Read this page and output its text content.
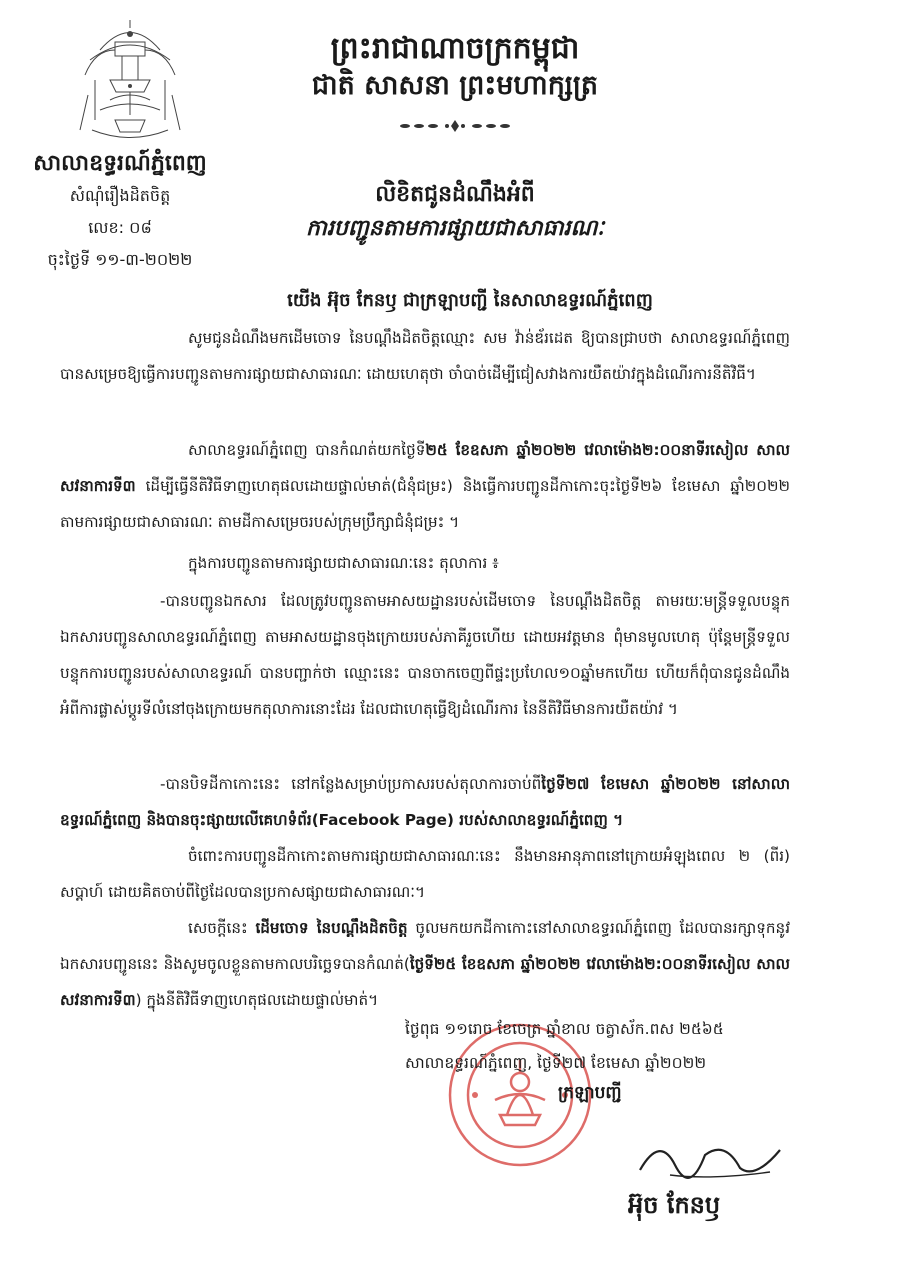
ព្រះរាជាណាចក្រកម្ពុជា
ជាតិ សាសនា ព្រះមហាក្សត្រ
សាលាឧទ្ធរណ៍ភ្នំពេញ
សំណុំរឿងដិតចិត្ត
លេខ: ០៨
ចុះថ្ងៃទី ១១-៣-២០២២
លិខិតជូនដំណឹងអំពី
ការបញ្ជូនតាមការផ្សាយជាសាធារណៈ
យើង អ៊ុច កែនឫ ជាក្រឡាបញ្ជី នៃសាលាឧទ្ធរណ៍ភ្នំពេញ
សូមជូនដំណឹងមកដើមចោទ នៃបណ្តឹងដិតចិត្តឈ្មោះ សម វ៉ាន់ឌ័រដេត ឱ្យបានជ្រាបថា សាលាឧទ្ធរណ៍ភ្នំពេញ បានសម្រេចឱ្យធ្វើការបញ្ជូនតាមការផ្សាយជាសាធារណៈ ដោយហេតុថា ចាំបាច់ដើម្បីជៀសវាងការយឺតយ៉ាវក្នុងដំណើរការនីតិវិធី។
សាលាឧទ្ធរណ៍ភ្នំពេញ បានកំណត់យកថ្ងៃទី២៥ ខែឧសភា ឆ្នាំ២០២២ វេលាម៉ោង២:០០នាទីរសៀល សាលសវនាការទី៣ ដើម្បីធ្វើនីតិវិធីទាញហេតុផលដោយផ្ទាល់មាត់(ជំនុំជម្រះ) និងធ្វើការបញ្ជូនដីកាកោះចុះថ្ងៃទី២៦ ខែមេសា ឆ្នាំ២០២២ តាមការផ្សាយជាសាធារណៈ តាមដីកាសម្រេចរបស់ក្រុមប្រឹក្សាជំនុំជម្រះ ។
ក្នុងការបញ្ជូនតាមការផ្សាយជាសាធារណៈនេះ តុលាការ ៖
-បានបញ្ជូនឯកសារ ដែលត្រូវបញ្ជូនតាមអាសយដ្ឋានរបស់ដើមចោទ នៃបណ្តឹងដិតចិត្ត តាមរយៈមន្ត្រីទទួលបន្ទុកឯកសារបញ្ជូនសាលាឧទ្ធរណ៍ភ្នំពេញ តាមអាសយដ្ឋានចុងក្រោយរបស់ភាគីរួចហើយ ដោយអវត្តមាន ពុំមានមូលហេតុ ប៉ុន្តែមន្ត្រីទទួលបន្ទុកការបញ្ជូនរបស់សាលាឧទ្ធរណ៍ បានបញ្ជាក់ថា ឈ្មោះនេះ បានចាកចេញពីផ្ទះប្រហែល១០ឆ្នាំមកហើយ ហើយក៏ពុំបានជូនដំណឹងអំពីការផ្លាស់ប្តូរទីលំនៅចុងក្រោយមកតុលាការនោះដែរ ដែលជាហេតុធ្វើឱ្យដំណើរការ នៃនីតិវិធីមានការយឺតយ៉ាវ ។
-បានបិទដីកាកោះនេះ នៅកន្លែងសម្រាប់ប្រកាសរបស់តុលាការចាប់ពីថ្ងៃទី២៧ ខែមេសា ឆ្នាំ២០២២ នៅសាលាឧទ្ធរណ៍ភ្នំពេញ និងបានចុះផ្សាយលើគេហទំព័រ(Facebook Page) របស់សាលាឧទ្ធរណ៍ភ្នំពេញ ។
ចំពោះការបញ្ជូនដីកាកោះតាមការផ្សាយជាសាធារណៈនេះ នឹងមានអានុភាពនៅក្រោយអំឡុងពេល ២ (ពីរ) សប្តាហ៍ ដោយគិតចាប់ពីថ្ងៃដែលបានប្រកាសផ្សាយជាសាធារណៈ។
សេចក្តីនេះ ដើមចោទ នៃបណ្តឹងដិតចិត្ត ចូលមកយកដីកាកោះនៅសាលាឧទ្ធរណ៍ភ្នំពេញ ដែលបានរក្សាទុកនូវឯកសារបញ្ជូននេះ និងសូមចូលខ្លួនតាមកាលបរិច្ឆេទបានកំណត់(ថ្ងៃទី២៥ ខែឧសភា ឆ្នាំ២០២២ វេលាម៉ោង២:០០នាទីរសៀល សាលសវនាការទី៣) ក្នុងនីតិវិធីទាញហេតុផលដោយផ្ទាល់មាត់។
ថ្ងៃពុធ ១១រោច ខែចេត្រ ឆ្នាំខាល ចត្វាស័ក.ពស ២៥៦៥
សាលាឧទ្ធរណ៍ភ្នំពេញ, ថ្ងៃទី២៧ ខែមេសា ឆ្នាំ២០២២
ក្រឡាបញ្ជី
អ៊ុច កែនឫ
